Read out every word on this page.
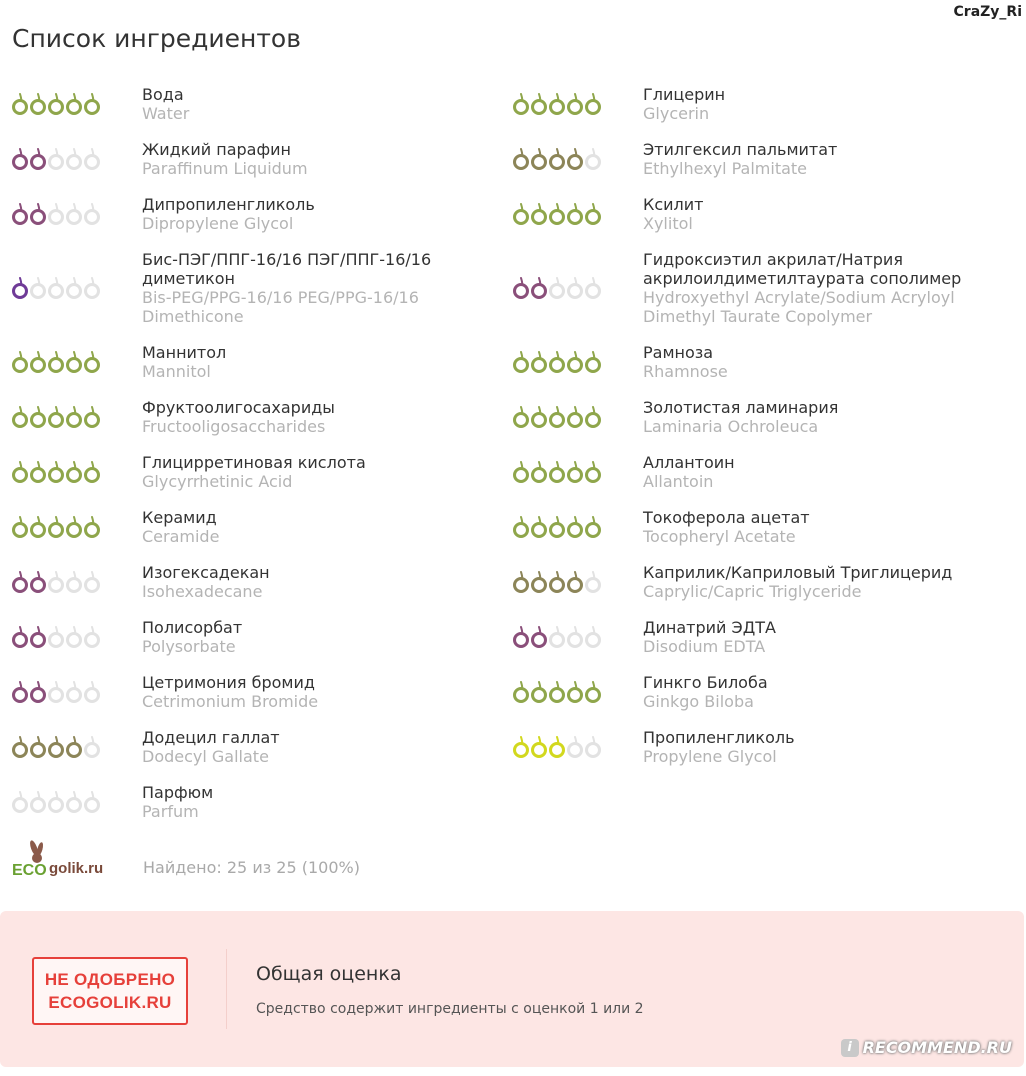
CraZy_Ri
Список ингредиентов
Вода
Water
Жидкий парафин
Paraffinum Liquidum
Дипропиленгликоль
Dipropylene Glycol
Бис-ПЭГ/ППГ-16/16 ПЭГ/ППГ-16/16 диметикон
Bis-PEG/PPG-16/16 PEG/PPG-16/16 Dimethicone
Маннитол
Mannitol
Фруктоолигосахариды
Fructooligosaccharides
Глицирретиновая кислота
Glycyrrhetinic Acid
Керамид
Ceramide
Изогексадекан
Isohexadecane
Полисорбат
Polysorbate
Цетримония бромид
Cetrimonium Bromide
Додецил галлат
Dodecyl Gallate
Парфюм
Parfum
Глицерин
Glycerin
Этилгексил пальмитат
Ethylhexyl Palmitate
Ксилит
Xylitol
Гидроксиэтил акрилат/Натрия акрилоилдиметилтаурата сополимер
Hydroxyethyl Acrylate/Sodium Acryloyl Dimethyl Taurate Copolymer
Рамноза
Rhamnose
Золотистая ламинария
Laminaria Ochroleuca
Аллантоин
Allantoin
Токоферола ацетат
Tocopheryl Acetate
Каприлик/Каприловый Триглицерид
Caprylic/Capric Triglyceride
Динатрий ЭДТА
Disodium EDTA
Гинкго Билоба
Ginkgo Biloba
Пропиленгликоль
Propylene Glycol
ECO golik.ru Найдено: 25 из 25 (100%)
НЕ ОДОБРЕНО
ECOGOLIK.RU
Общая оценка
Средство содержит ингредиенты с оценкой 1 или 2
i RECOMMEND.RU
